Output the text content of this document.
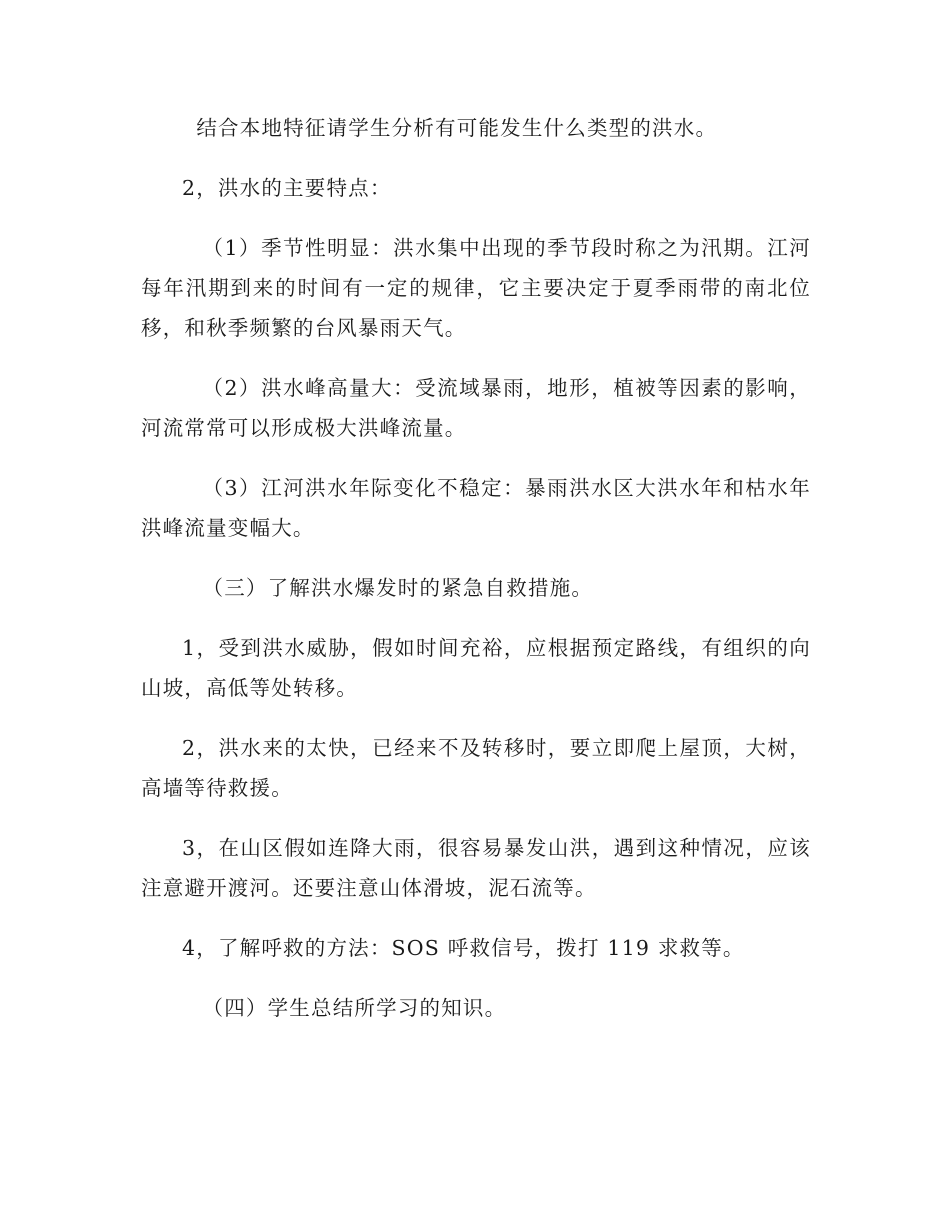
结合本地特征请学生分析有可能发生什么类型的洪水。

2，洪水的主要特点：

（1）季节性明显：洪水集中出现的季节段时称之为汛期。江河每年汛期到来的时间有一定的规律，它主要决定于夏季雨带的南北位移，和秋季频繁的台风暴雨天气。

（2）洪水峰高量大：受流域暴雨，地形，植被等因素的影响，河流常常可以形成极大洪峰流量。

（3）江河洪水年际变化不稳定：暴雨洪水区大洪水年和枯水年洪峰流量变幅大。

（三）了解洪水爆发时的紧急自救措施。

1，受到洪水威胁，假如时间充裕，应根据预定路线，有组织的向山坡，高低等处转移。

2，洪水来的太快，已经来不及转移时，要立即爬上屋顶，大树，高墙等待救援。

3，在山区假如连降大雨，很容易暴发山洪，遇到这种情况，应该注意避开渡河。还要注意山体滑坡，泥石流等。

4，了解呼救的方法：SOS 呼救信号，拨打 119 求救等。

（四）学生总结所学习的知识。
